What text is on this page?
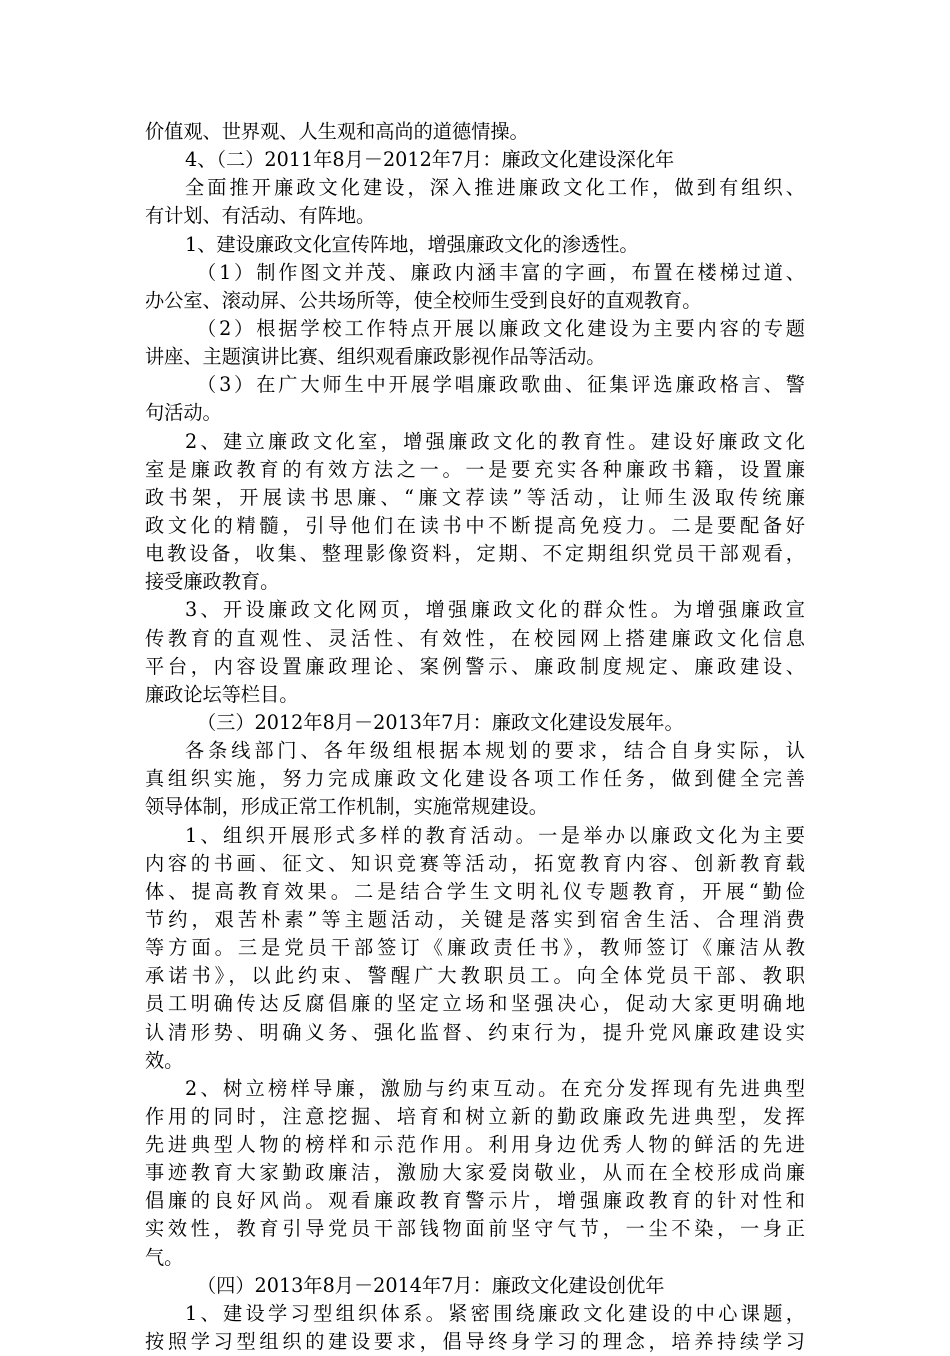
价值观、世界观、人生观和高尚的道德情操。
4、（二）2011年8月－2012年7月：廉政文化建设深化年
全面推开廉政文化建设，深入推进廉政文化工作，做到有组织、
有计划、有活动、有阵地。
1、建设廉政文化宣传阵地，增强廉政文化的渗透性。
（1）制作图文并茂、廉政内涵丰富的字画，布置在楼梯过道、
办公室、滚动屏、公共场所等，使全校师生受到良好的直观教育。
（2）根据学校工作特点开展以廉政文化建设为主要内容的专题
讲座、主题演讲比赛、组织观看廉政影视作品等活动。
（3）在广大师生中开展学唱廉政歌曲、征集评选廉政格言、警
句活动。
2、建立廉政文化室，增强廉政文化的教育性。建设好廉政文化
室是廉政教育的有效方法之一。一是要充实各种廉政书籍，设置廉
政书架，开展读书思廉、“廉文荐读”等活动，让师生汲取传统廉
政文化的精髓，引导他们在读书中不断提高免疫力。二是要配备好
电教设备，收集、整理影像资料，定期、不定期组织党员干部观看，
接受廉政教育。
3、开设廉政文化网页，增强廉政文化的群众性。为增强廉政宣
传教育的直观性、灵活性、有效性，在校园网上搭建廉政文化信息
平台，内容设置廉政理论、案例警示、廉政制度规定、廉政建设、
廉政论坛等栏目。
（三）2012年8月－2013年7月：廉政文化建设发展年。
各条线部门、各年级组根据本规划的要求，结合自身实际，认
真组织实施，努力完成廉政文化建设各项工作任务，做到健全完善
领导体制，形成正常工作机制，实施常规建设。
1、组织开展形式多样的教育活动。一是举办以廉政文化为主要
内容的书画、征文、知识竞赛等活动，拓宽教育内容、创新教育载
体、提高教育效果。二是结合学生文明礼仪专题教育，开展“勤俭
节约，艰苦朴素”等主题活动，关键是落实到宿舍生活、合理消费
等方面。三是党员干部签订《廉政责任书》，教师签订《廉洁从教
承诺书》，以此约束、警醒广大教职员工。向全体党员干部、教职
员工明确传达反腐倡廉的坚定立场和坚强决心，促动大家更明确地
认清形势、明确义务、强化监督、约束行为，提升党风廉政建设实
效。
2、树立榜样导廉，激励与约束互动。在充分发挥现有先进典型
作用的同时，注意挖掘、培育和树立新的勤政廉政先进典型，发挥
先进典型人物的榜样和示范作用。利用身边优秀人物的鲜活的先进
事迹教育大家勤政廉洁，激励大家爱岗敬业，从而在全校形成尚廉
倡廉的良好风尚。观看廉政教育警示片，增强廉政教育的针对性和
实效性，教育引导党员干部钱物面前坚守气节，一尘不染，一身正
气。
（四）2013年8月－2014年7月：廉政文化建设创优年
1、建设学习型组织体系。紧密围绕廉政文化建设的中心课题，
按照学习型组织的建设要求，倡导终身学习的理念，培养持续学习
